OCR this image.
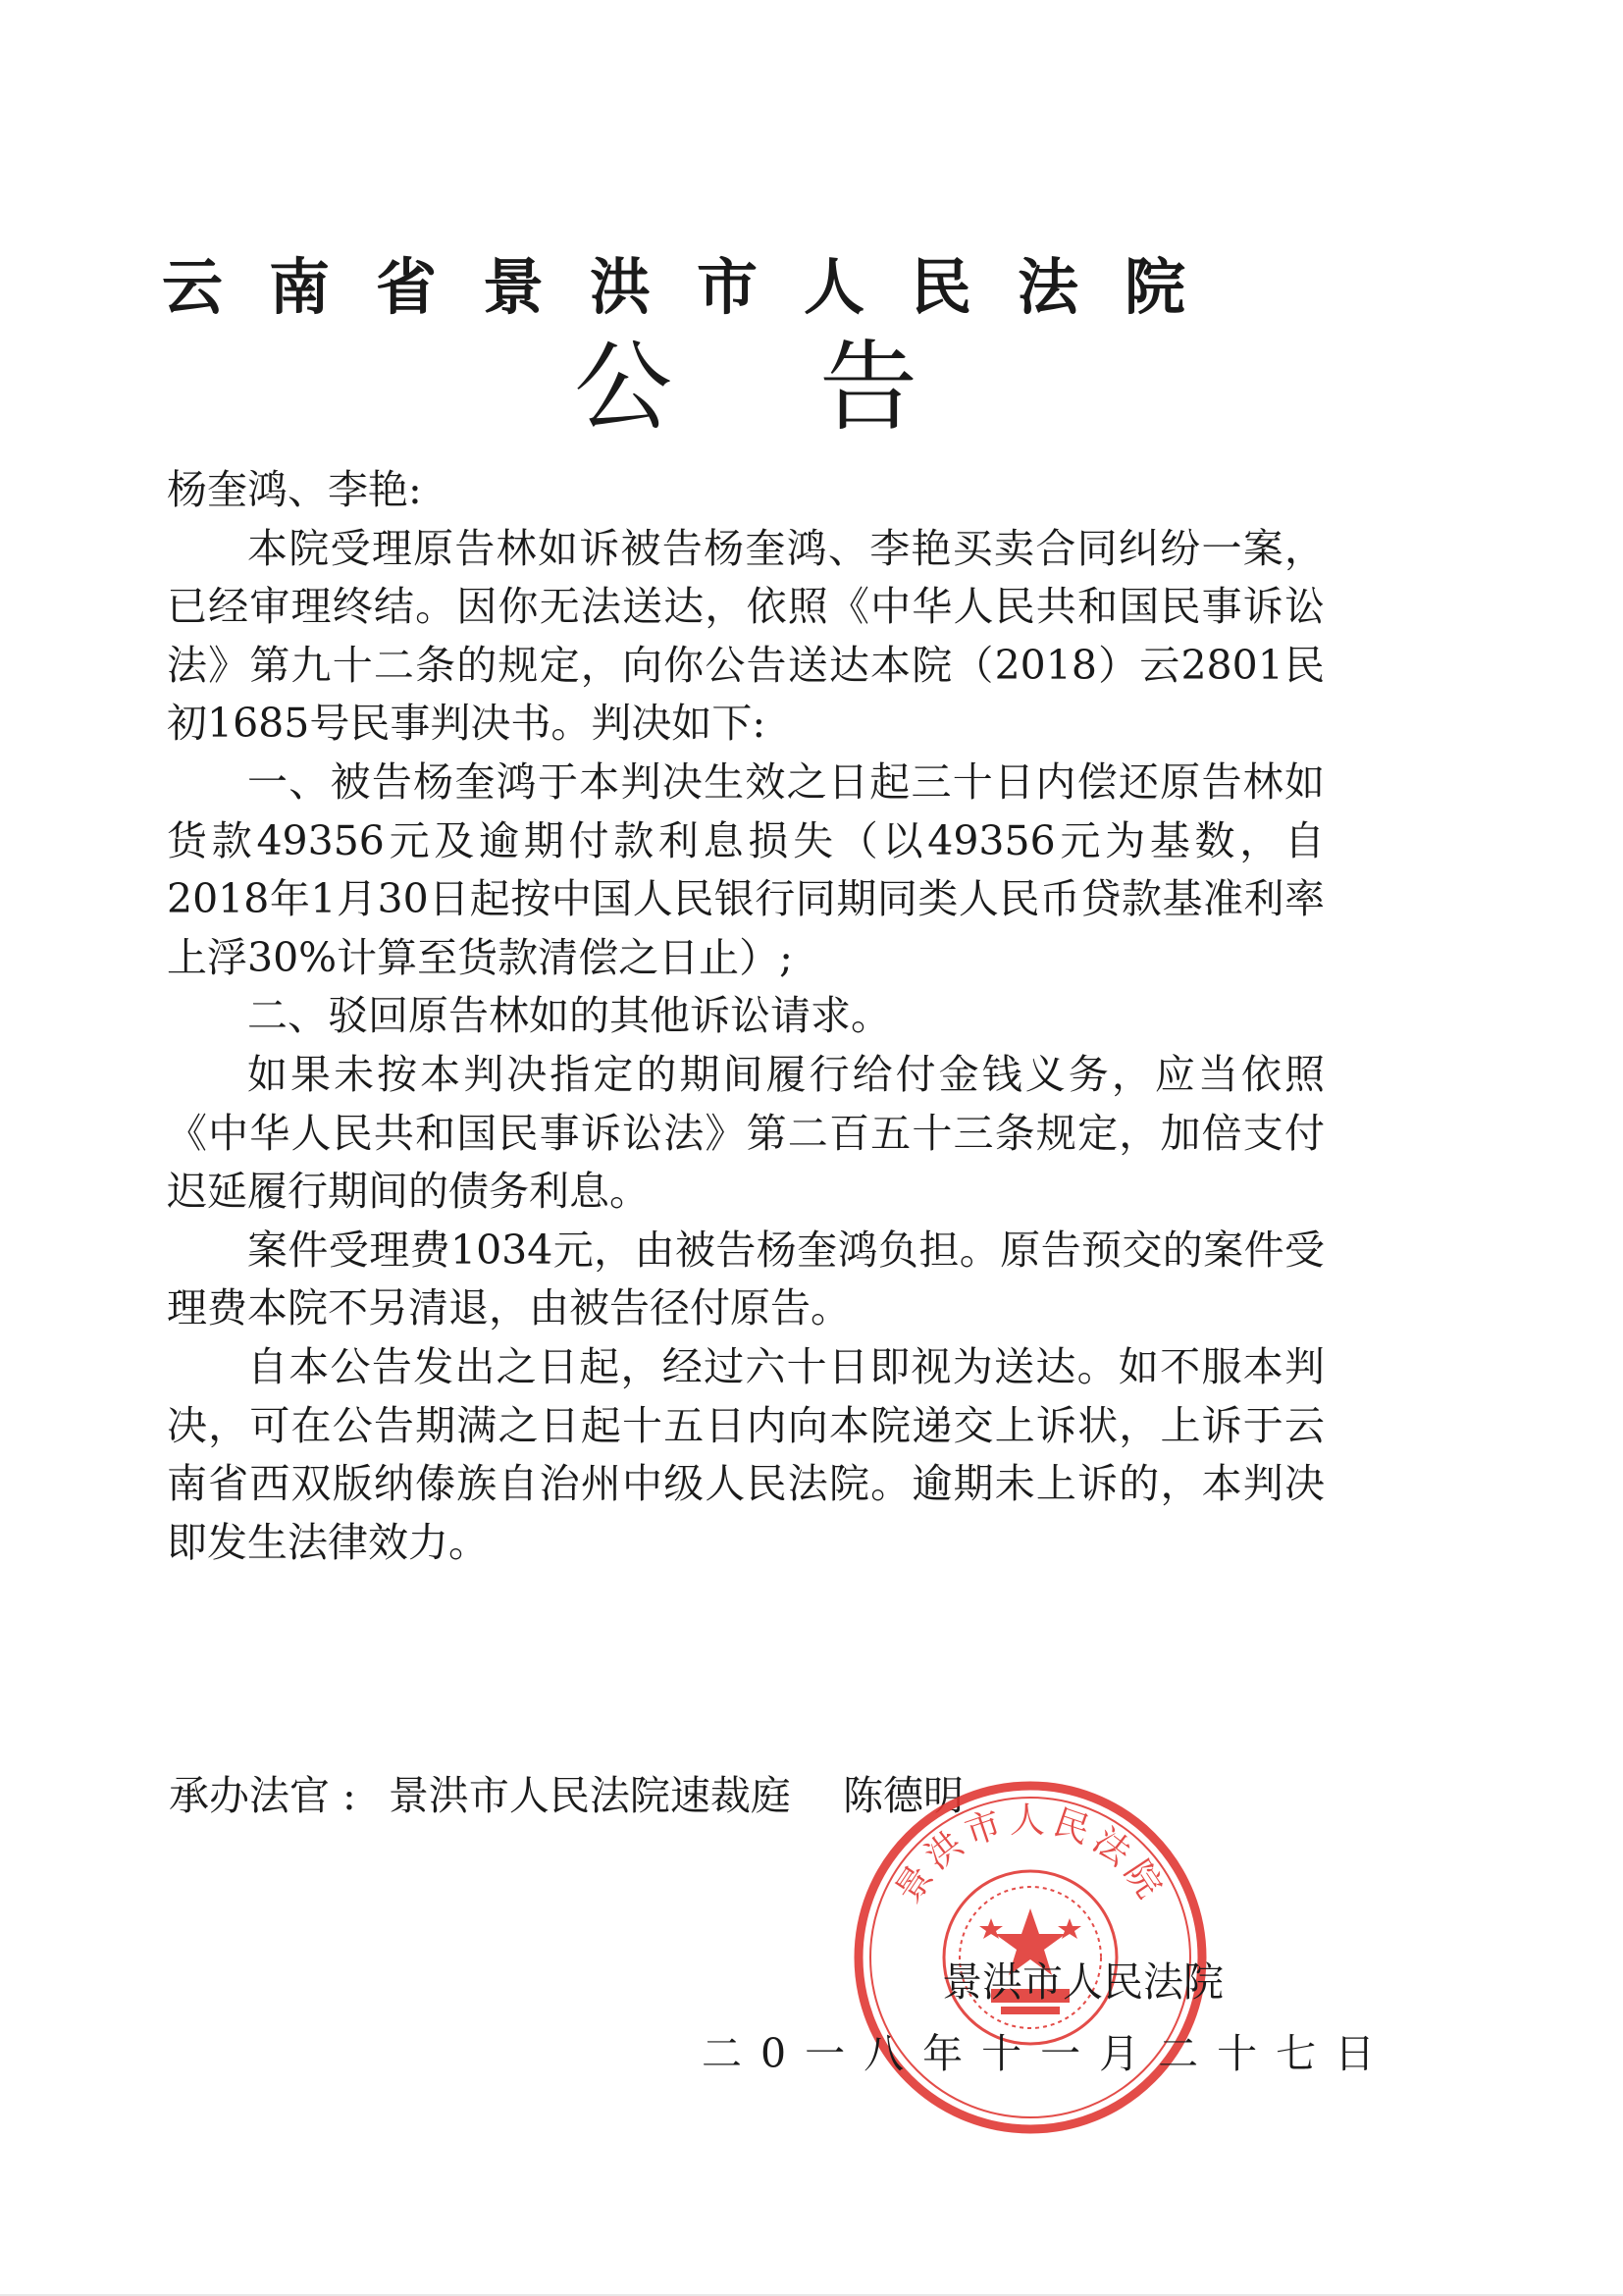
云南省景洪市人民法院
公告

杨奎鸿、李艳:

本院受理原告林如诉被告杨奎鸿、李艳买卖合同纠纷一案，已经审理终结。因你无法送达，依照《中华人民共和国民事诉讼法》第九十二条的规定，向你公告送达本院（2018）云2801民初1685号民事判决书。判决如下:

一、被告杨奎鸿于本判决生效之日起三十日内偿还原告林如货款49356元及逾期付款利息损失（以49356元为基数，自2018年1月30日起按中国人民银行同期同类人民币贷款基准利率上浮30%计算至货款清偿之日止）;

二、驳回原告林如的其他诉讼请求。

如果未按本判决指定的期间履行给付金钱义务，应当依照《中华人民共和国民事诉讼法》第二百五十三条规定，加倍支付迟延履行期间的债务利息。

案件受理费1034元，由被告杨奎鸿负担。原告预交的案件受理费本院不另清退，由被告径付原告。

自本公告发出之日起，经过六十日即视为送达。如不服本判决，可在公告期满之日起十五日内向本院递交上诉状，上诉于云南省西双版纳傣族自治州中级人民法院。逾期未上诉的，本判决即发生法律效力。

承办法官 : 景洪市人民法院速裁庭 陈德明
景洪市人民法院
景洪市人民法院
二0一八年十一月二十七日
